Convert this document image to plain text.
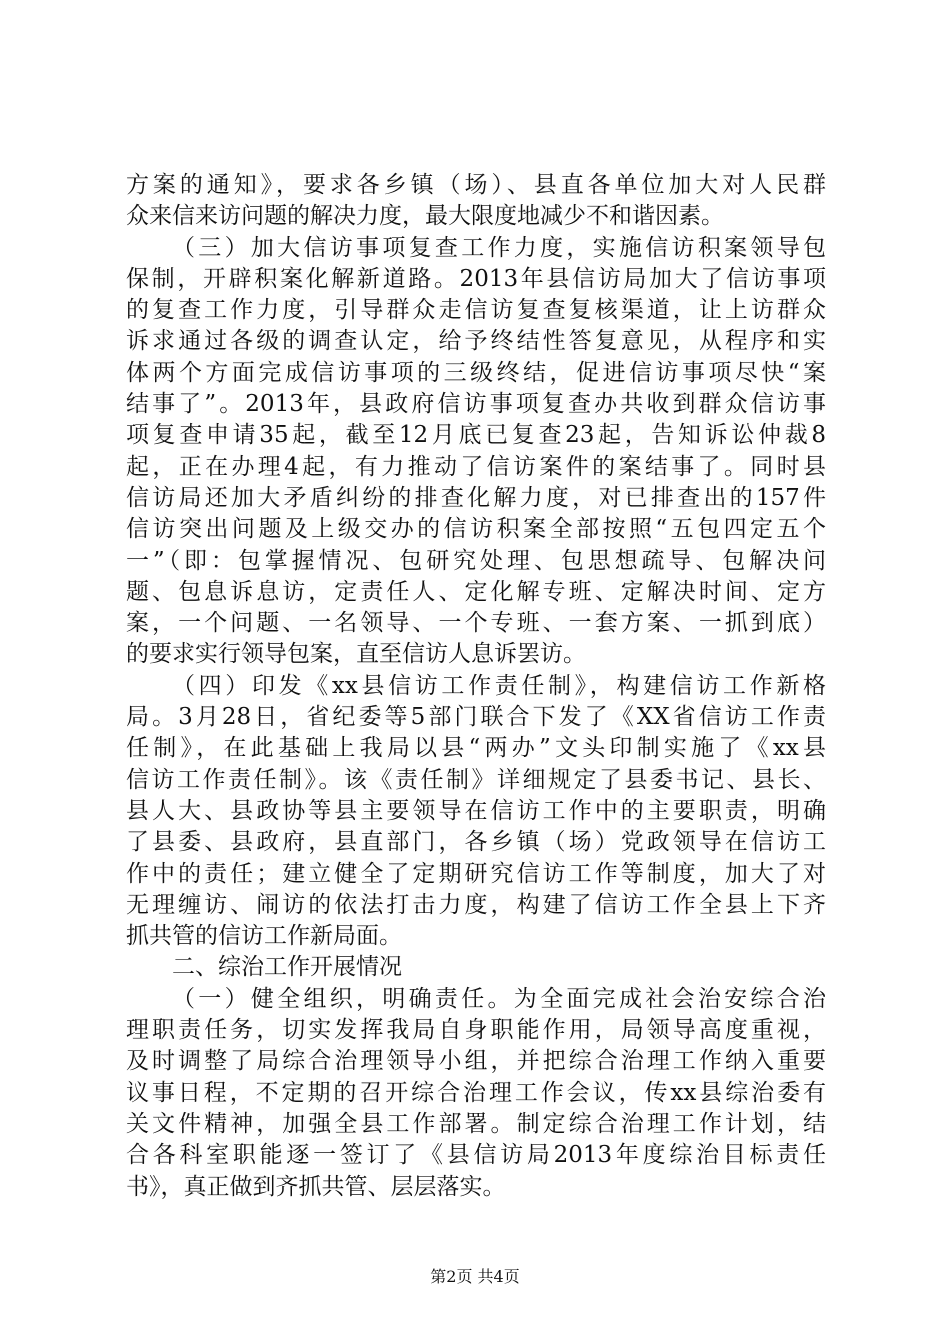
方案的通知》，要求各乡镇（场）、县直各单位加大对人民群
众来信来访问题的解决力度，最大限度地减少不和谐因素。
（三）加大信访事项复查工作力度，实施信访积案领导包
保制，开辟积案化解新道路。2013年县信访局加大了信访事项
的复查工作力度，引导群众走信访复查复核渠道，让上访群众
诉求通过各级的调查认定，给予终结性答复意见，从程序和实
体两个方面完成信访事项的三级终结，促进信访事项尽快“案
结事了”。2013年，县政府信访事项复查办共收到群众信访事
项复查申请35起，截至12月底已复查23起，告知诉讼仲裁8
起，正在办理4起，有力推动了信访案件的案结事了。同时县
信访局还加大矛盾纠纷的排查化解力度，对已排查出的157件
信访突出问题及上级交办的信访积案全部按照“五包四定五个
一”（即：包掌握情况、包研究处理、包思想疏导、包解决问
题、包息诉息访，定责任人、定化解专班、定解决时间、定方
案，一个问题、一名领导、一个专班、一套方案、一抓到底）
的要求实行领导包案，直至信访人息诉罢访。
（四）印发《xx县信访工作责任制》，构建信访工作新格
局。3月28日，省纪委等5部门联合下发了《XX省信访工作责
任制》，在此基础上我局以县“两办”文头印制实施了《xx县
信访工作责任制》。该《责任制》详细规定了县委书记、县长、
县人大、县政协等县主要领导在信访工作中的主要职责，明确
了县委、县政府，县直部门，各乡镇（场）党政领导在信访工
作中的责任；建立健全了定期研究信访工作等制度，加大了对
无理缠访、闹访的依法打击力度，构建了信访工作全县上下齐
抓共管的信访工作新局面。
二、综治工作开展情况
（一）健全组织，明确责任。为全面完成社会治安综合治
理职责任务，切实发挥我局自身职能作用，局领导高度重视，
及时调整了局综合治理领导小组，并把综合治理工作纳入重要
议事日程，不定期的召开综合治理工作会议，传xx县综治委有
关文件精神，加强全县工作部署。制定综合治理工作计划，结
合各科室职能逐一签订了《县信访局2013年度综治目标责任
书》，真正做到齐抓共管、层层落实。
第2页 共4页
